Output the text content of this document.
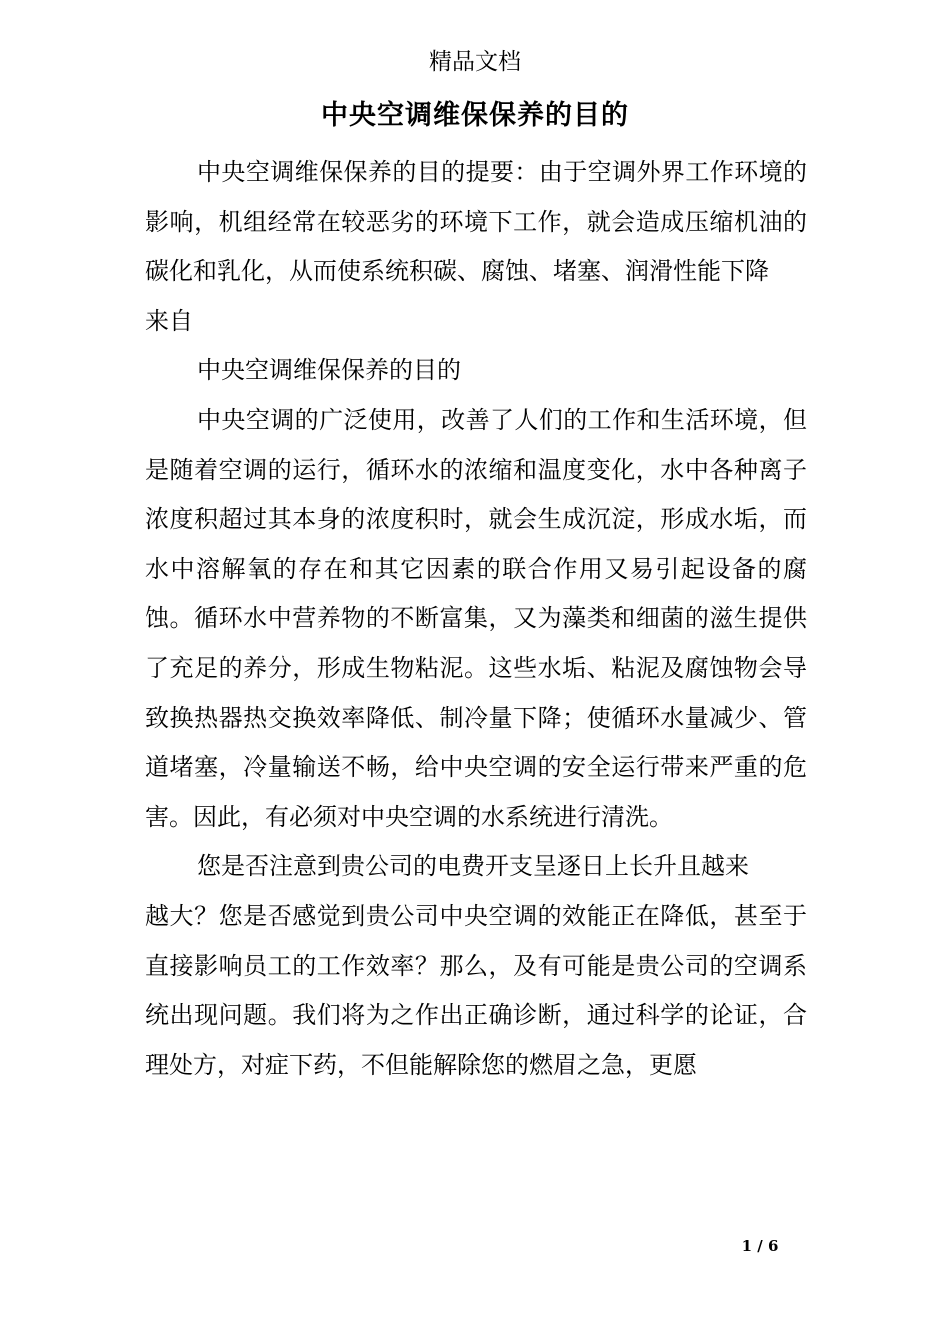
精品文档
中央空调维保保养的目的

中央空调维保保养的目的提要：由于空调外界工作环境的影响，机组经常在较恶劣的环境下工作，就会造成压缩机油的碳化和乳化，从而使系统积碳、腐蚀、堵塞、润滑性能下降

来自

中央空调维保保养的目的

中央空调的广泛使用，改善了人们的工作和生活环境，但是随着空调的运行，循环水的浓缩和温度变化，水中各种离子浓度积超过其本身的浓度积时，就会生成沉淀，形成水垢，而水中溶解氧的存在和其它因素的联合作用又易引起设备的腐蚀。循环水中营养物的不断富集，又为藻类和细菌的滋生提供了充足的养分，形成生物粘泥。这些水垢、粘泥及腐蚀物会导致换热器热交换效率降低、制冷量下降；使循环水量减少、管道堵塞，冷量输送不畅，给中央空调的安全运行带来严重的危害。因此，有必须对中央空调的水系统进行清洗。

您是否注意到贵公司的电费开支呈逐日上长升且越来

越大？您是否感觉到贵公司中央空调的效能正在降低，甚至于直接影响员工的工作效率？那么，及有可能是贵公司的空调系统出现问题。我们将为之作出正确诊断，通过科学的论证，合理处方，对症下药，不但能解除您的燃眉之急，更愿

1 / 6
